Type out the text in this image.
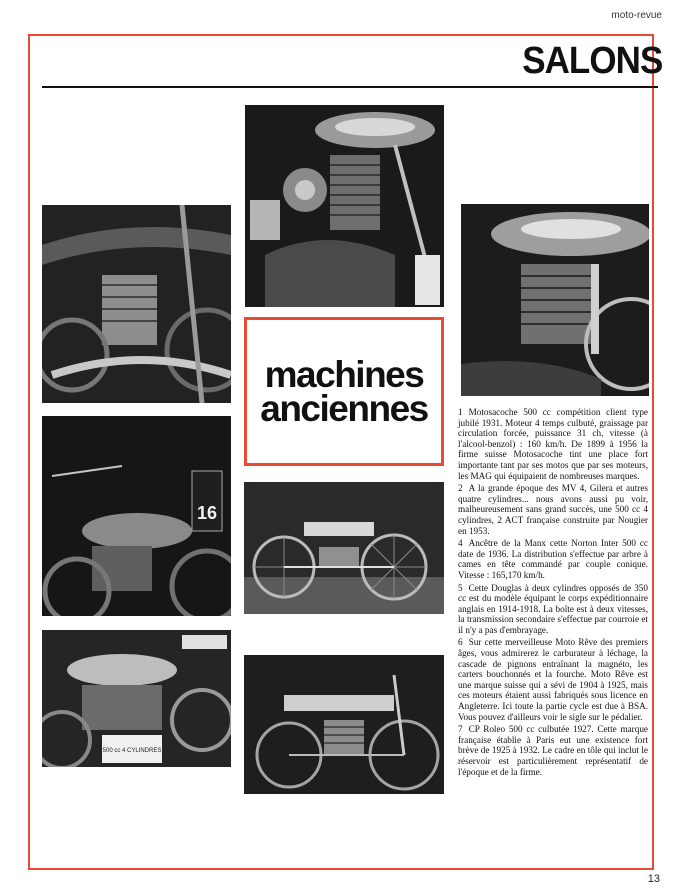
moto-revue
SALONS
machines
anciennes
16
500 cc 4 CYLINDRES

1 Motosacoche 500 cc compétition client type jubilé 1931. Moteur 4 temps culbuté, graissage par circulation forcée, puissance 31 ch, vitesse (à l'alcool-benzol) : 160 km/h. De 1899 à 1956 la firme suisse Motosacoche tint une place fort importante tant par ses motos que par ses moteurs, les MAG qui équipaient de nombreuses marques.

2 A la grande époque des MV 4, Gilera et autres quatre cylindres... nous avons aussi pu voir, malheureusement sans grand succès, une 500 cc 4 cylindres, 2 ACT française construite par Nougier en 1953.

4 Ancêtre de la Manx cette Norton Inter 500 cc date de 1936. La distribution s'effectue par arbre à cames en tête commandé par couple conique. Vitesse : 165,170 km/h.

5 Cette Douglas à deux cylindres opposés de 350 cc est du modèle équipant le corps expéditionnaire anglais en 1914-1918. La boîte est à deux vitesses, la transmission secondaire s'effectue par courroie et il n'y a pas d'embrayage.

6 Sur cette merveilleuse Moto Rêve des premiers âges, vous admirerez le carburateur à léchage, la cascade de pignons entraînant la magnéto, les carters bouchonnés et la fourche. Moto Rêve est une marque suisse qui a sévi de 1904 à 1925, mais ces moteurs étaient aussi fabriqués sous licence en Angleterre. Ici toute la partie cycle est due à BSA. Vous pouvez d'ailleurs voir le sigle sur le pédalier.

7 CP Roleo 500 cc culbutée 1927. Cette marque française établie à Paris eut une existence fort brève de 1925 à 1932. Le cadre en tôle qui inclut le réservoir est particulièrement représentatif de l'époque et de la firme.

13
